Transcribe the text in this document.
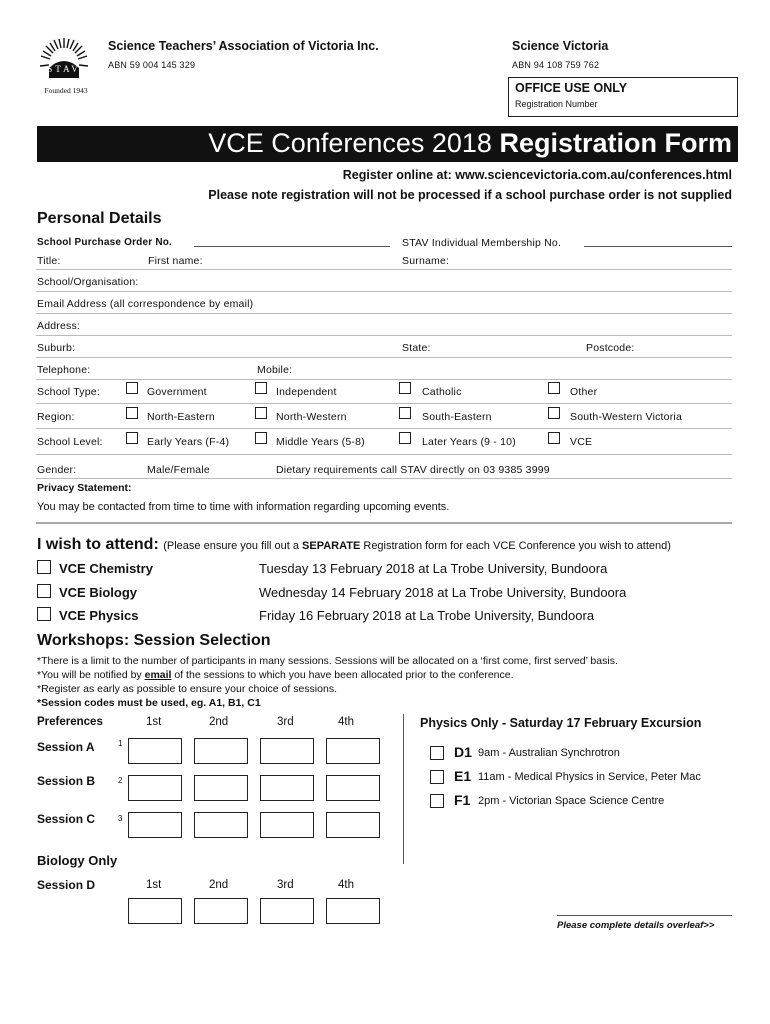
STAV
Founded 1943
Science Teachers’ Association of Victoria Inc.
ABN 59 004 145 329
Science Victoria
ABN 94 108 759 762
OFFICE USE ONLY
Registration Number
VCE Conferences 2018 Registration Form
Register online at: www.sciencevictoria.com.au/conferences.html
Please note registration will not be processed if a school purchase order is not supplied
Personal Details
School Purchase Order No.	STAV Individual Membership No.
Title:	First name:	Surname:
School/Organisation:
Email Address (all correspondence by email)
Address:
Suburb:	State:	Postcode:
Telephone:	Mobile:
School Type:	Government	Independent	Catholic	Other
Region:	North-Eastern	North-Western	South-Eastern	South-Western Victoria
School Level:	Early Years (F-4)	Middle Years (5-8)	Later Years (9 - 10)	VCE
Gender:	Male/Female	Dietary requirements call STAV directly on 03 9385 3999
Privacy Statement:
You may be contacted from time to time with information regarding upcoming events.
I wish to attend: (Please ensure you fill out a SEPARATE Registration form for each VCE Conference you wish to attend)
VCE Chemistry	Tuesday 13 February 2018 at La Trobe University, Bundoora
VCE Biology	Wednesday 14 February 2018 at La Trobe University, Bundoora
VCE Physics	Friday 16 February 2018 at La Trobe University, Bundoora
Workshops: Session Selection
*There is a limit to the number of participants in many sessions. Sessions will be allocated on a ‘first come, first served’ basis.
*You will be notified by email of the sessions to which you have been allocated prior to the conference.
*Register as early as possible to ensure your choice of sessions.
*Session codes must be used, eg. A1, B1, C1
Preferences	1st	2nd	3rd	4th
Session A	1
Session B	2
Session C	3
Biology Only
Session D	1st	2nd	3rd	4th
Physics Only - Saturday 17 February Excursion
D1 9am - Australian Synchrotron
E1 11am - Medical Physics in Service, Peter Mac
F1 2pm - Victorian Space Science Centre
Please complete details overleaf>>
